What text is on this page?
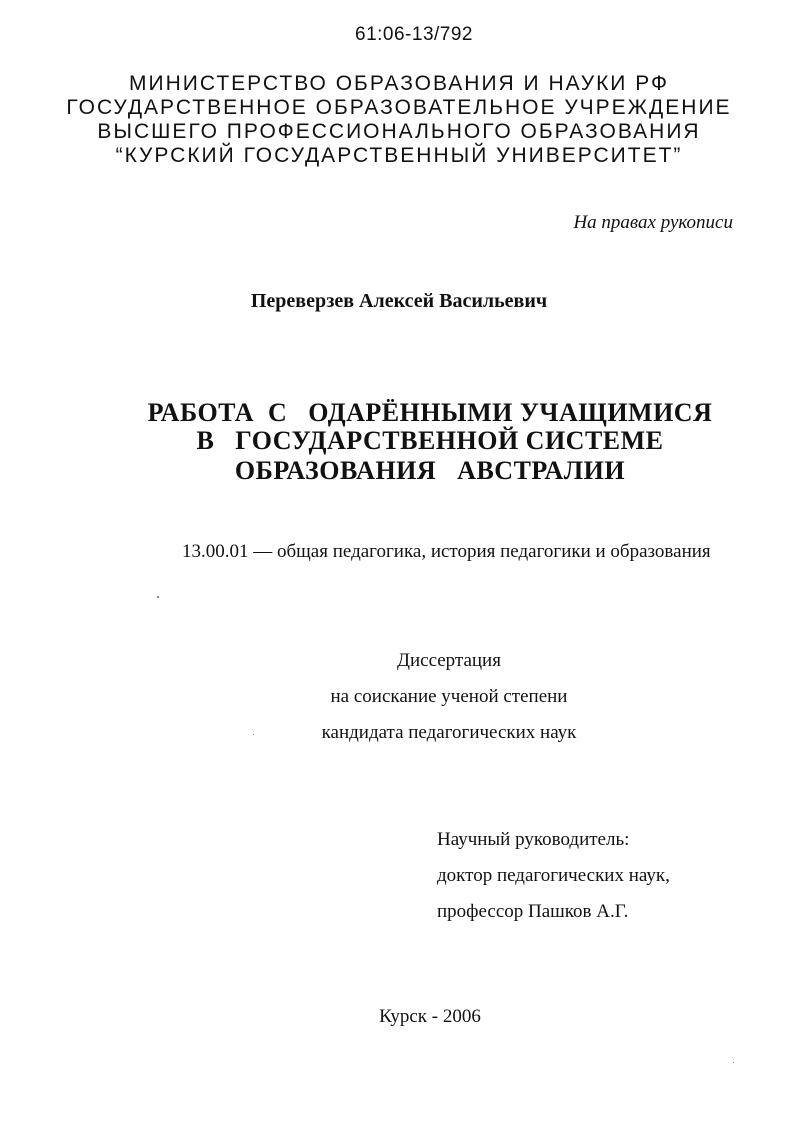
61:06-13/792
МИНИСТЕРСТВО ОБРАЗОВАНИЯ И НАУКИ РФ
ГОСУДАРСТВЕННОЕ ОБРАЗОВАТЕЛЬНОЕ УЧРЕЖДЕНИЕ
ВЫСШЕГО ПРОФЕССИОНАЛЬНОГО ОБРАЗОВАНИЯ
“КУРСКИЙ ГОСУДАРСТВЕННЫЙ УНИВЕРСИТЕТ”
На правах рукописи
Переверзев Алексей Васильевич
РАБОТА  С   ОДАРЁННЫМИ УЧАЩИМИСЯ
В   ГОСУДАРСТВЕННОЙ СИСТЕМЕ
ОБРАЗОВАНИЯ   АВСТРАЛИИ
13.00.01 — общая педагогика, история педагогики и образования
Диссертация
на соискание ученой степени
кандидата педагогических наук
Научный руководитель:
доктор педагогических наук,
профессор Пашков А.Г.
Курск - 2006
